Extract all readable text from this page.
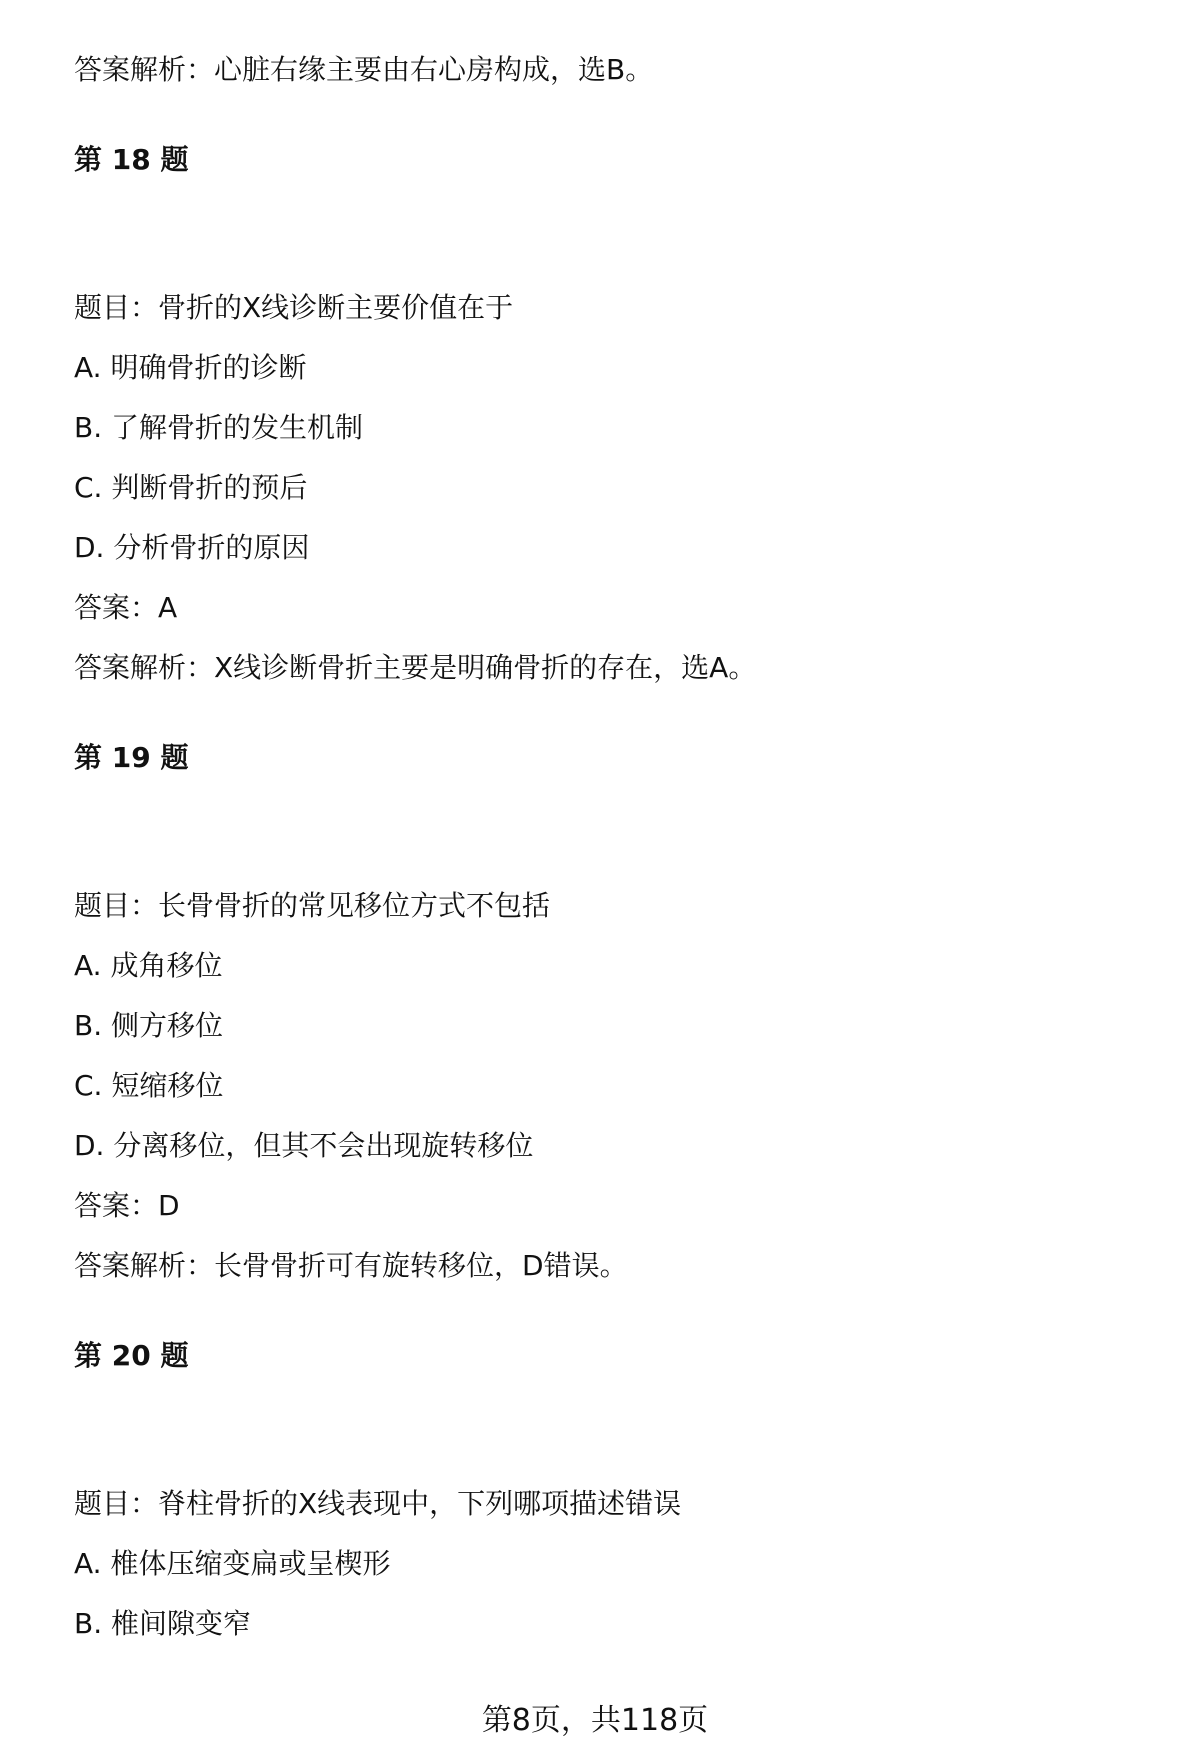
答案解析：心脏右缘主要由右心房构成，选B。
第 18 题
题目：骨折的X线诊断主要价值在于
A. 明确骨折的诊断
B. 了解骨折的发生机制
C. 判断骨折的预后
D. 分析骨折的原因
答案：A
答案解析：X线诊断骨折主要是明确骨折的存在，选A。
第 19 题
题目：长骨骨折的常见移位方式不包括
A. 成角移位
B. 侧方移位
C. 短缩移位
D. 分离移位，但其不会出现旋转移位
答案：D
答案解析：长骨骨折可有旋转移位，D错误。
第 20 题
题目：脊柱骨折的X线表现中，下列哪项描述错误
A. 椎体压缩变扁或呈楔形
B. 椎间隙变窄
第8页，共118页
